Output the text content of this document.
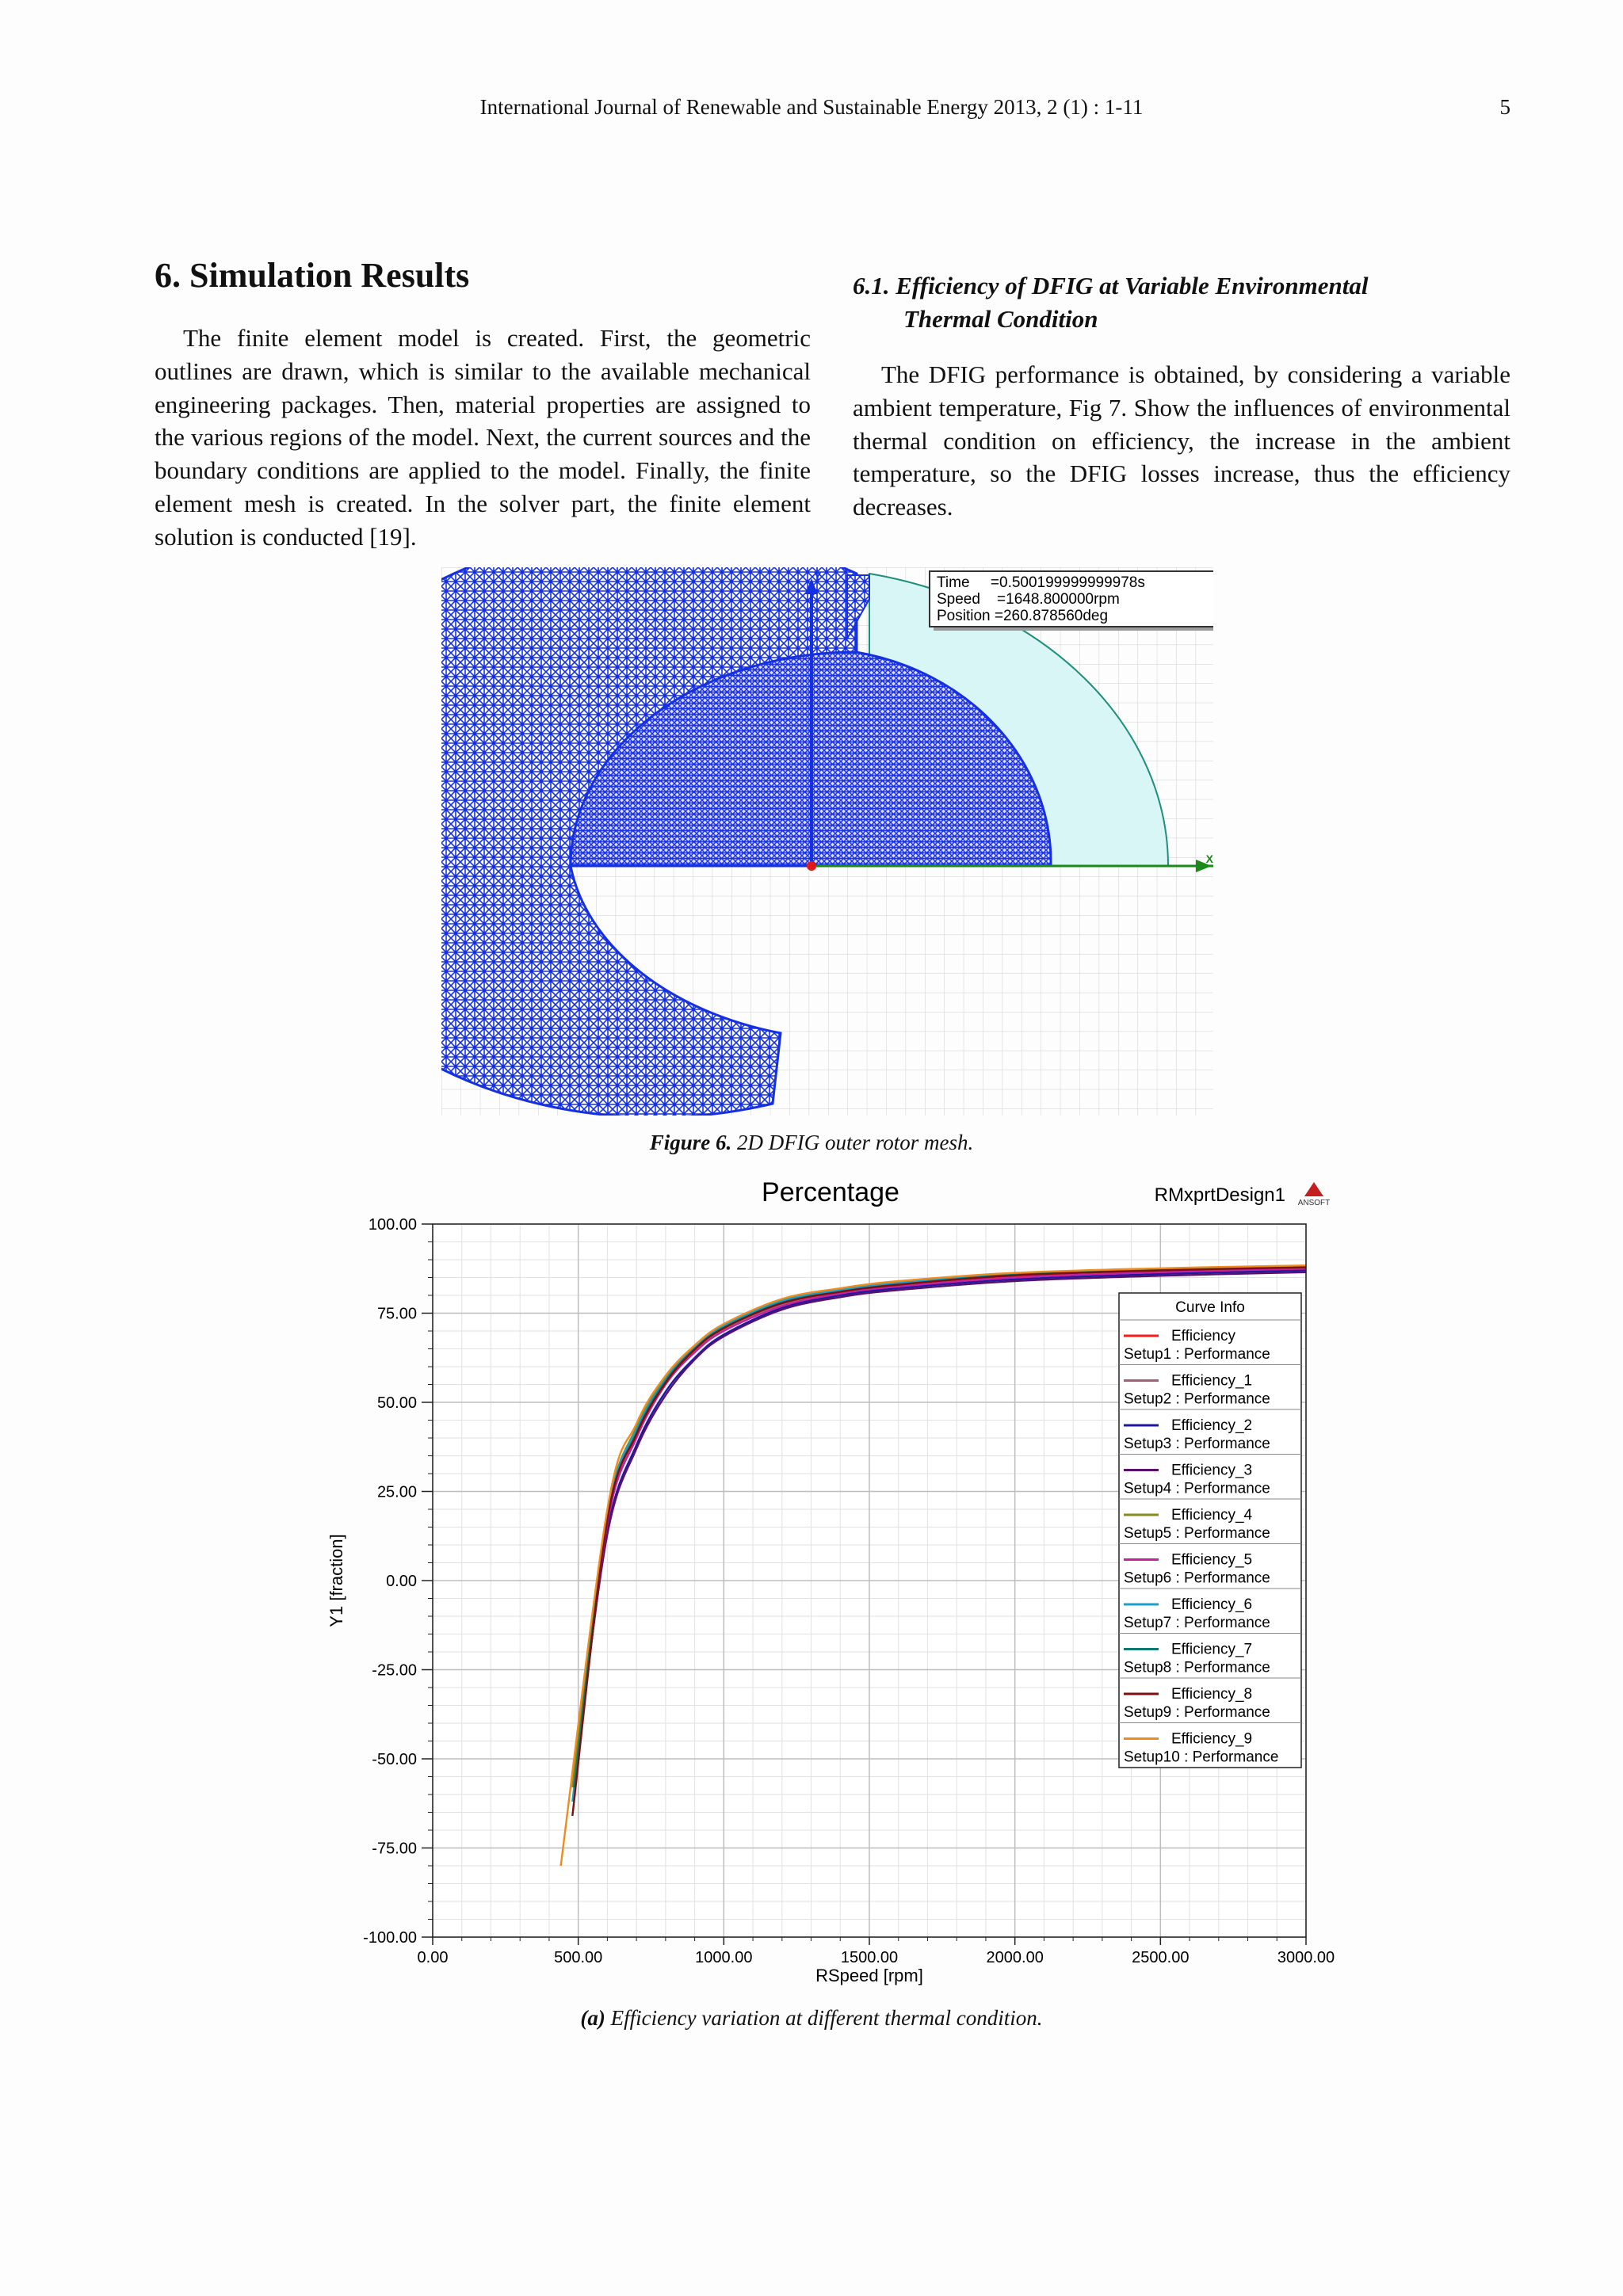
International Journal of Renewable and Sustainable Energy 2013, 2 (1) : 1-11	5
6. Simulation Results
The finite element model is created. First, the geometric outlines are drawn, which is similar to the available mechanical engineering packages. Then, material properties are assigned to the various regions of the model. Next, the current sources and the boundary conditions are applied to the model. Finally, the finite element mesh is created. In the solver part, the finite element solution is conducted [19].
6.1. Efficiency of DFIG at Variable Environmental
Thermal Condition
The DFIG performance is obtained, by considering a variable ambient temperature, Fig 7. Show the influences of environmental thermal condition on efficiency, the increase in the ambient temperature, so the DFIG losses increase, thus the efficiency decreases.
Y
X
Time     =0.500199999999978s
Speed    =1648.800000rpm
Position =260.878560deg
Figure 6. 2D DFIG outer rotor mesh.
Percentage	RMxprtDesign1 ANSOFT
100.00
75.00
50.00
25.00
0.00
-25.00
-50.00
-75.00
-100.00
0.00	500.00	1000.00	1500.00	2000.00	2500.00	3000.00
RSpeed [rpm]
Y1 [fraction]
Curve Info
Efficiency
Setup1 : Performance
Efficiency_1
Setup2 : Performance
Efficiency_2
Setup3 : Performance
Efficiency_3
Setup4 : Performance
Efficiency_4
Setup5 : Performance
Efficiency_5
Setup6 : Performance
Efficiency_6
Setup7 : Performance
Efficiency_7
Setup8 : Performance
Efficiency_8
Setup9 : Performance
Efficiency_9
Setup10 : Performance
(a) Efficiency variation at different thermal condition.
